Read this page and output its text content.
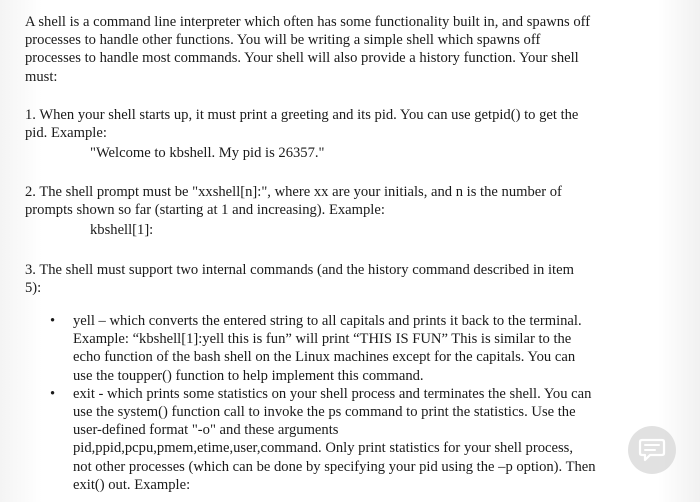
A shell is a command line interpreter which often has some functionality built in, and spawns off
processes to handle other functions. You will be writing a simple shell which spawns off
processes to handle most commands. Your shell will also provide a history function. Your shell
must:
1. When your shell starts up, it must print a greeting and its pid. You can use getpid() to get the
pid. Example:

"Welcome to kbshell. My pid is 26357."

2. The shell prompt must be "xxshell[n]:", where xx are your initials, and n is the number of
prompts shown so far (starting at 1 and increasing). Example:

kbshell[1]:

3. The shell must support two internal commands (and the history command described in item
5):
• yell – which converts the entered string to all capitals and prints it back to the terminal.
Example: “kbshell[1]:yell this is fun” will print “THIS IS FUN” This is similar to the
echo function of the bash shell on the Linux machines except for the capitals. You can
use the toupper() function to help implement this command.
• exit - which prints some statistics on your shell process and terminates the shell. You can
use the system() function call to invoke the ps command to print the statistics. Use the
user-defined format "-o" and these arguments
pid,ppid,pcpu,pmem,etime,user,command. Only print statistics for your shell process,
not other processes (which can be done by specifying your pid using the –p option). Then
exit() out. Example:
